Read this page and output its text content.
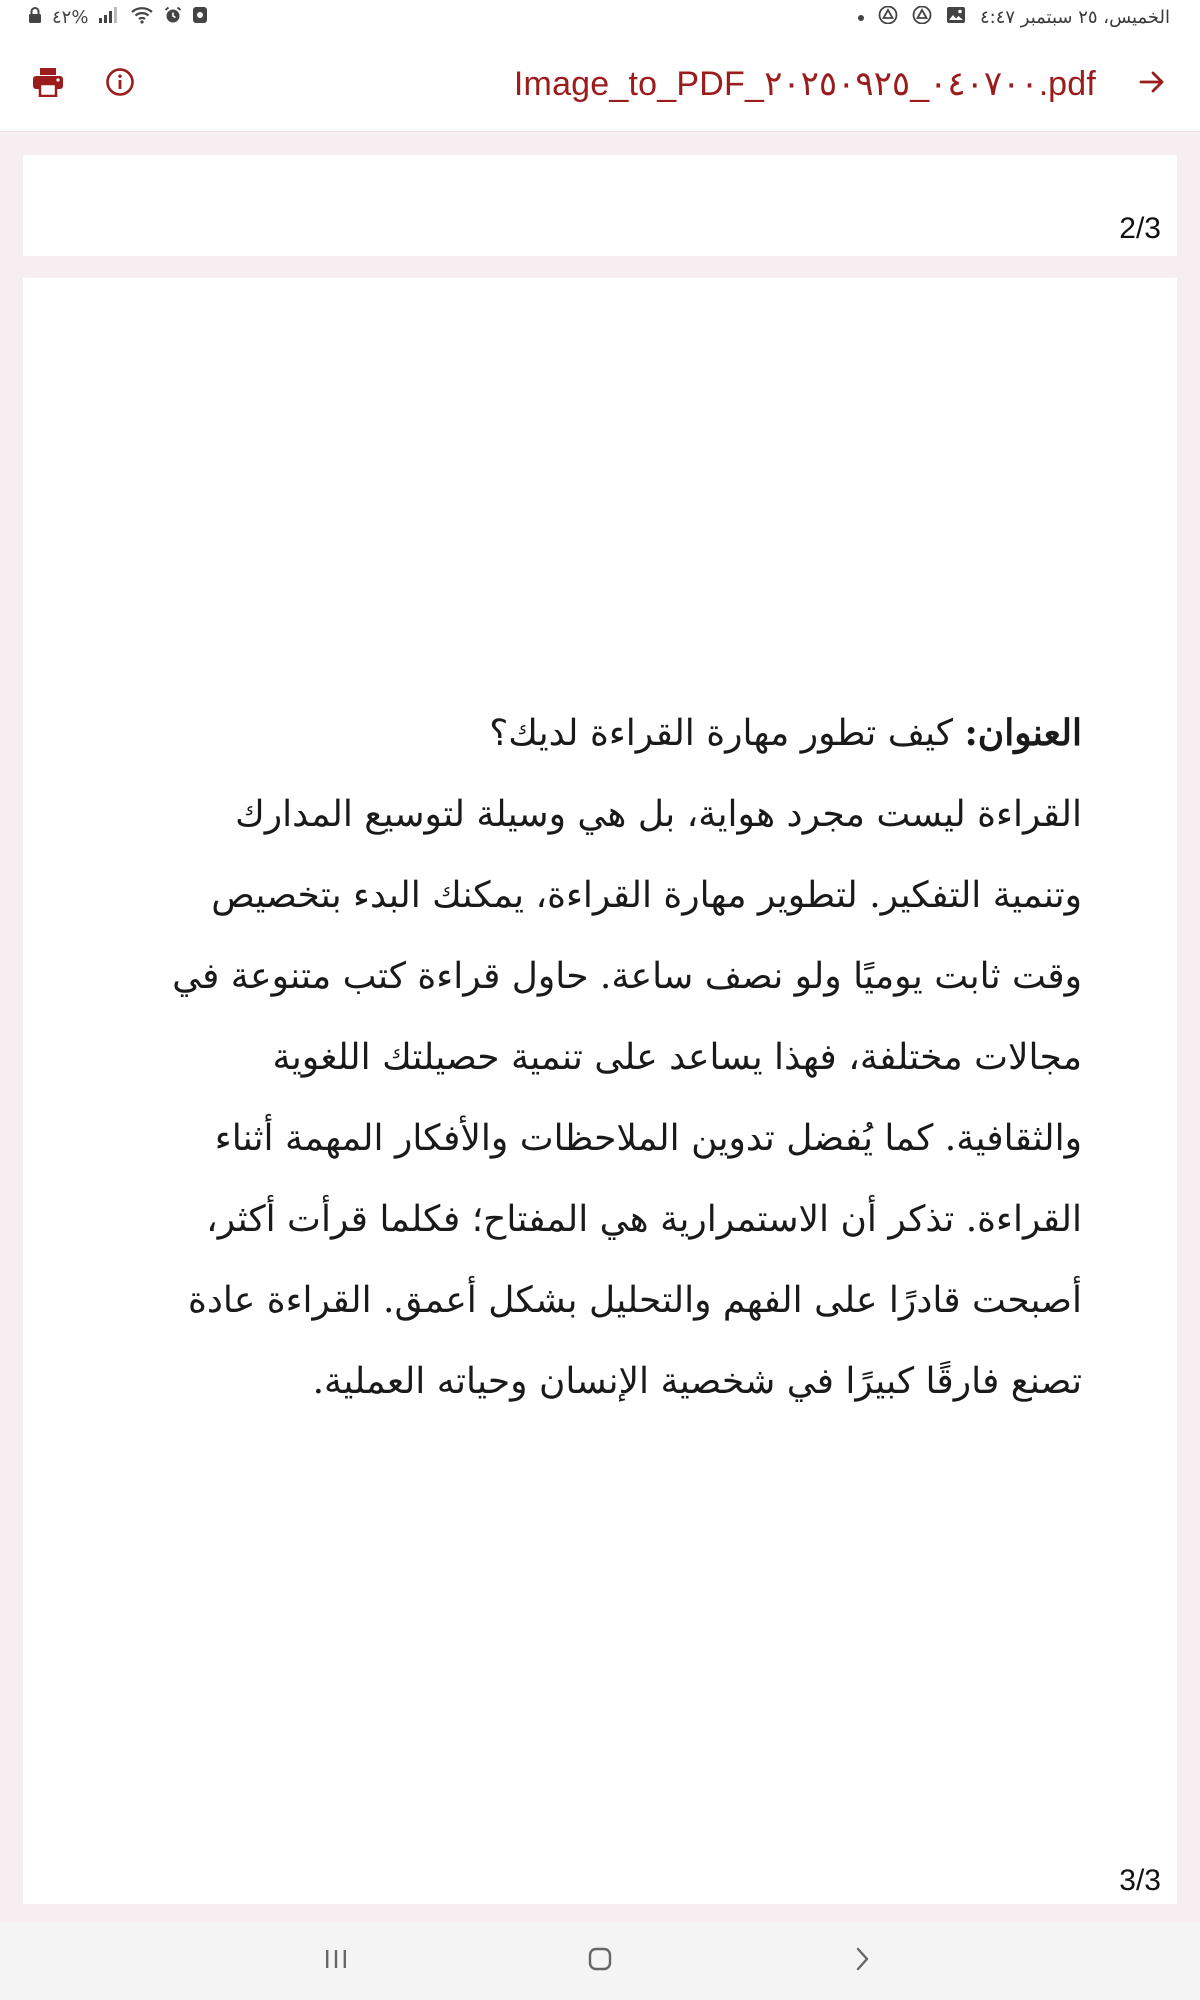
٤٢%	الخميس، ٢٥ سبتمبر ٤:٤٧
Image_to_PDF_٠٤٠٧٠٠_٢٠٢٥٠٩٢٥.pdf
2/3

العنوان: كيف تطور مهارة القراءة لديك؟

القراءة ليست مجرد هواية، بل هي وسيلة لتوسيع المدارك وتنمية التفكير. لتطوير مهارة القراءة، يمكنك البدء بتخصيص وقت ثابت يوميًا ولو نصف ساعة. حاول قراءة كتب متنوعة في مجالات مختلفة، فهذا يساعد على تنمية حصيلتك اللغوية والثقافية. كما يُفضل تدوين الملاحظات والأفكار المهمة أثناء القراءة. تذكر أن الاستمرارية هي المفتاح؛ فكلما قرأت أكثر، أصبحت قادرًا على الفهم والتحليل بشكل أعمق. القراءة عادة تصنع فارقًا كبيرًا في شخصية الإنسان وحياته العملية.

3/3
